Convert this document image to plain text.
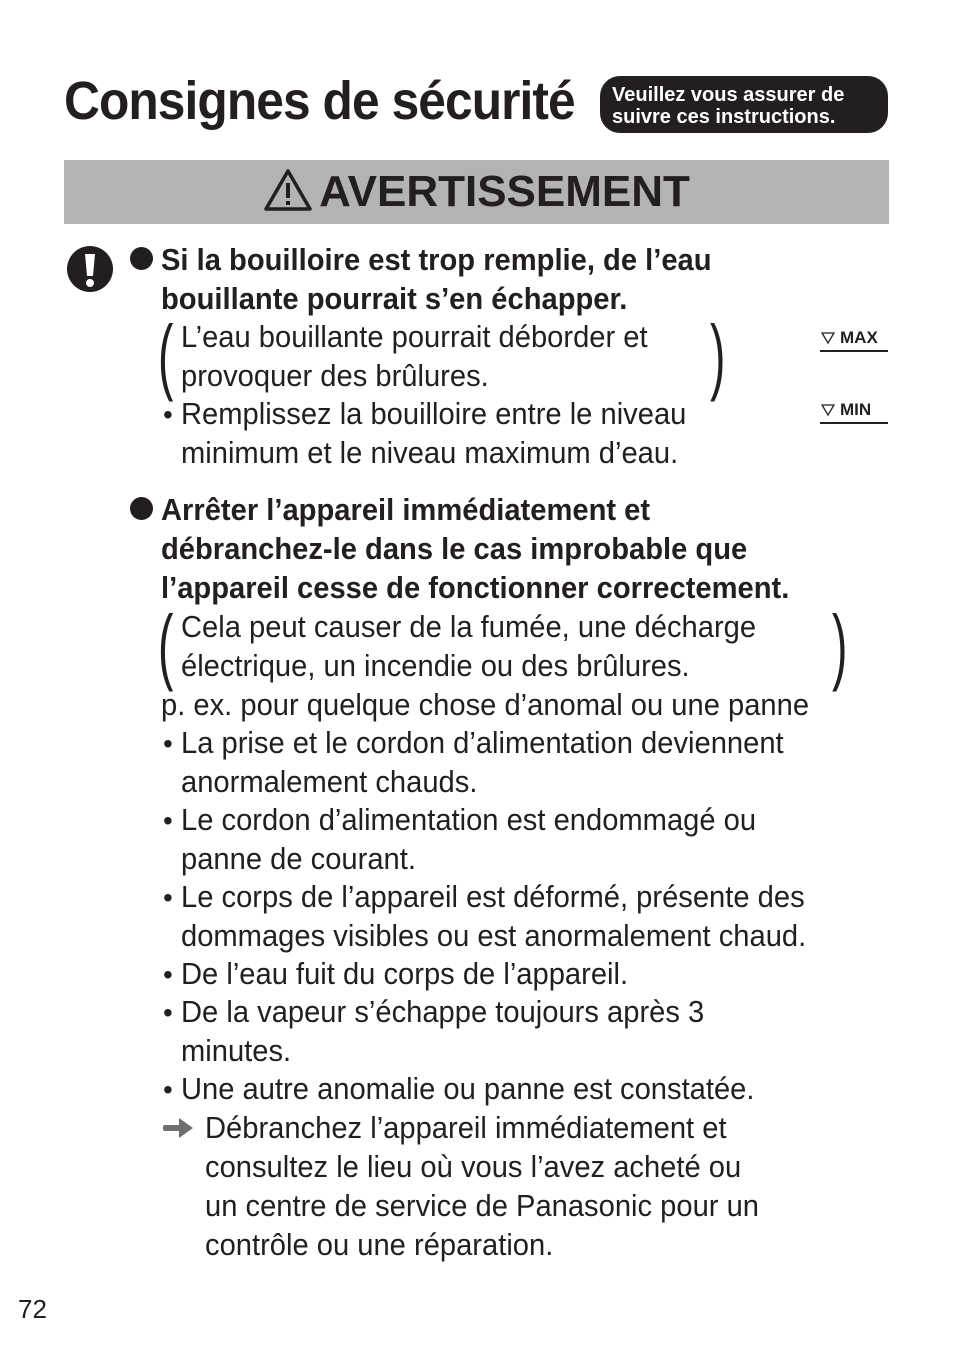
Consignes de sécurité Veuillez vous assurer de
suivre ces instructions.
AVERTISSEMENT
Si la bouilloire est trop remplie, de l’eau
bouillante pourrait s’en échapper.
( L’eau bouillante pourrait déborder et
provoquer des brûlures.	)
• Remplissez la bouilloire entre le niveau
minimum et le niveau maximum d’eau.
MAX
MIN
Arrêter l’appareil immédiatement et
débranchez-le dans le cas improbable que
l’appareil cesse de fonctionner correctement.
( Cela peut causer de la fumée, une décharge
électrique, un incendie ou des brûlures. )
p. ex. pour quelque chose d’anomal ou une panne
• La prise et le cordon d’alimentation deviennent
anormalement chauds.
• Le cordon d’alimentation est endommagé ou
panne de courant.
• Le corps de l’appareil est déformé, présente des
dommages visibles ou est anormalement chaud.
• De l’eau fuit du corps de l’appareil.
• De la vapeur s’échappe toujours après 3
minutes.
• Une autre anomalie ou panne est constatée.
Débranchez l’appareil immédiatement et
consultez le lieu où vous l’avez acheté ou
un centre de service de Panasonic pour un
contrôle ou une réparation.
72
